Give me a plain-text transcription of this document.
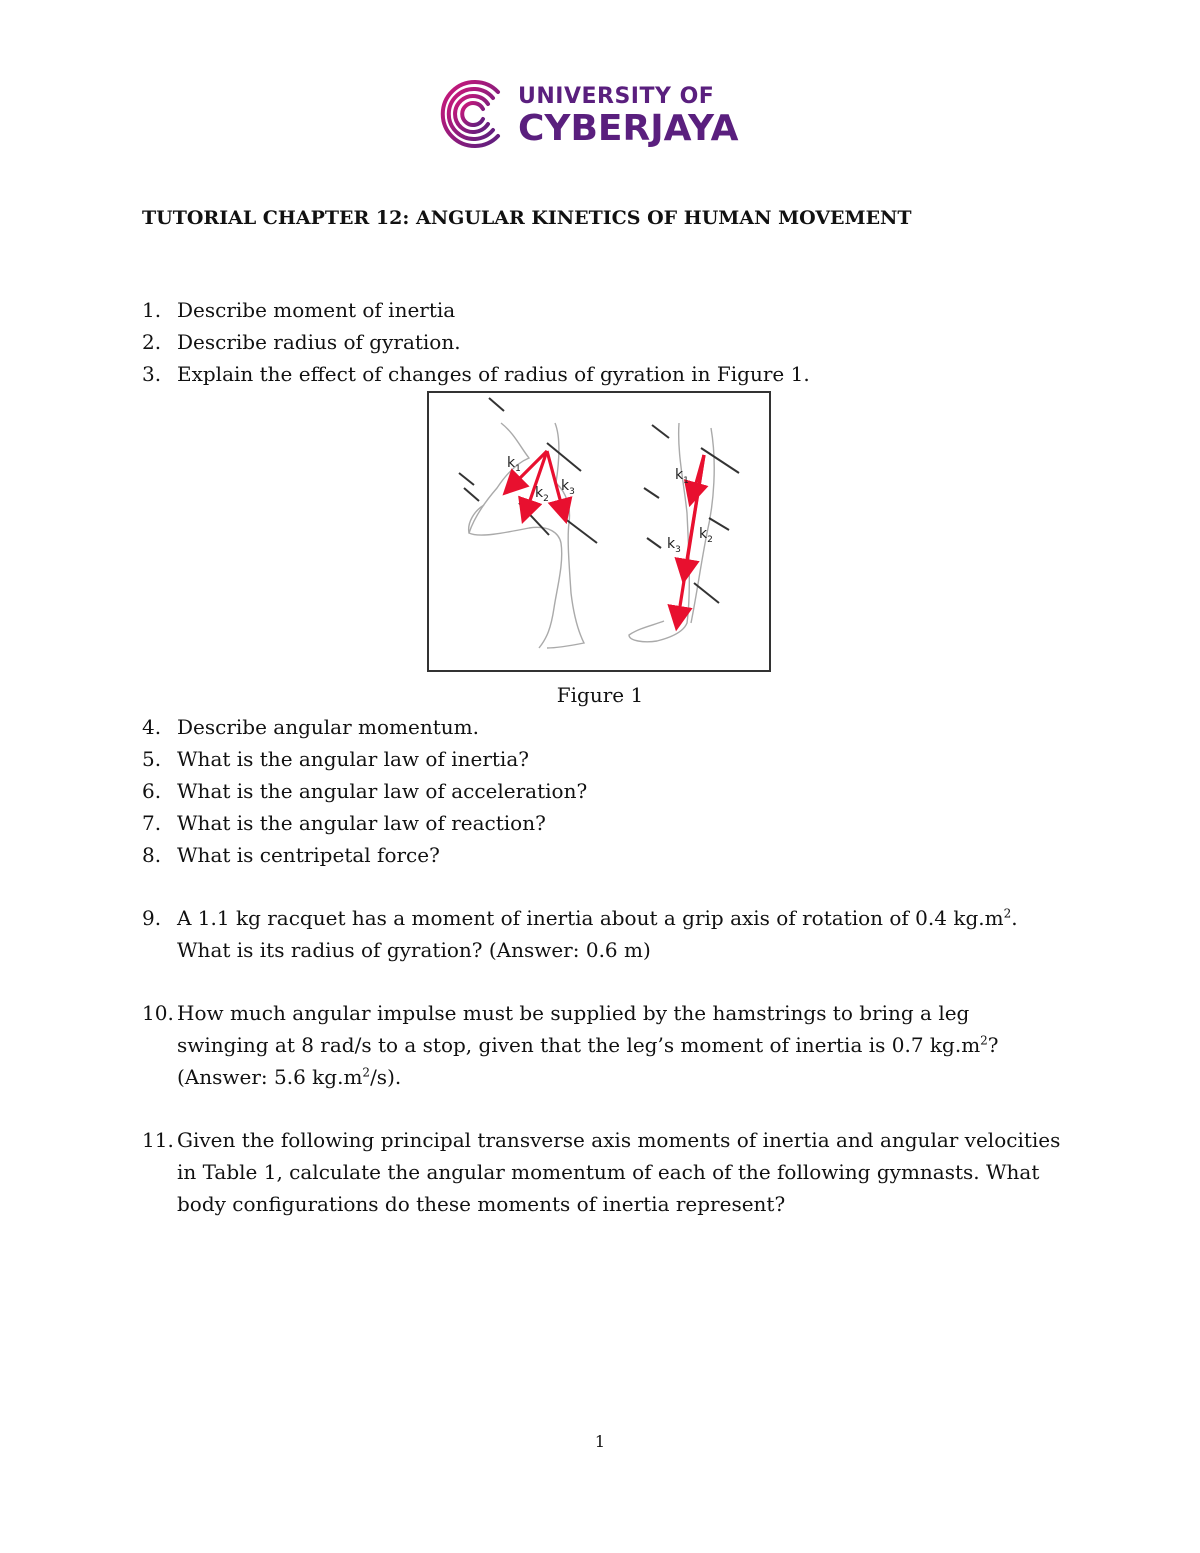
UNIVERSITY OF
CYBERJAYA
TUTORIAL CHAPTER 12: ANGULAR KINETICS OF HUMAN MOVEMENT
1. Describe moment of inertia
2. Describe radius of gyration.
3. Explain the effect of changes of radius of gyration in Figure 1.
$k_1$
$k_2$
$k_3$
$k_1$
$k_2$
$k_3$
Figure 1
4. Describe angular momentum.
5. What is the angular law of inertia?
6. What is the angular law of acceleration?
7. What is the angular law of reaction?
8. What is centripetal force?
9. A 1.1 kg racquet has a moment of inertia about a grip axis of rotation of 0.4 $kg.m^2$. What is its radius of gyration? (Answer: 0.6 m)
10. How much angular impulse must be supplied by the hamstrings to bring a leg swinging at 8 rad/s to a stop, given that the leg’s moment of inertia is 0.7 $kg.m^2$?
(Answer: 5.6 $kg.m^2/s$).
11. Given the following principal transverse axis moments of inertia and angular velocities in Table 1, calculate the angular momentum of each of the following gymnasts. What body configurations do these moments of inertia represent?
1
